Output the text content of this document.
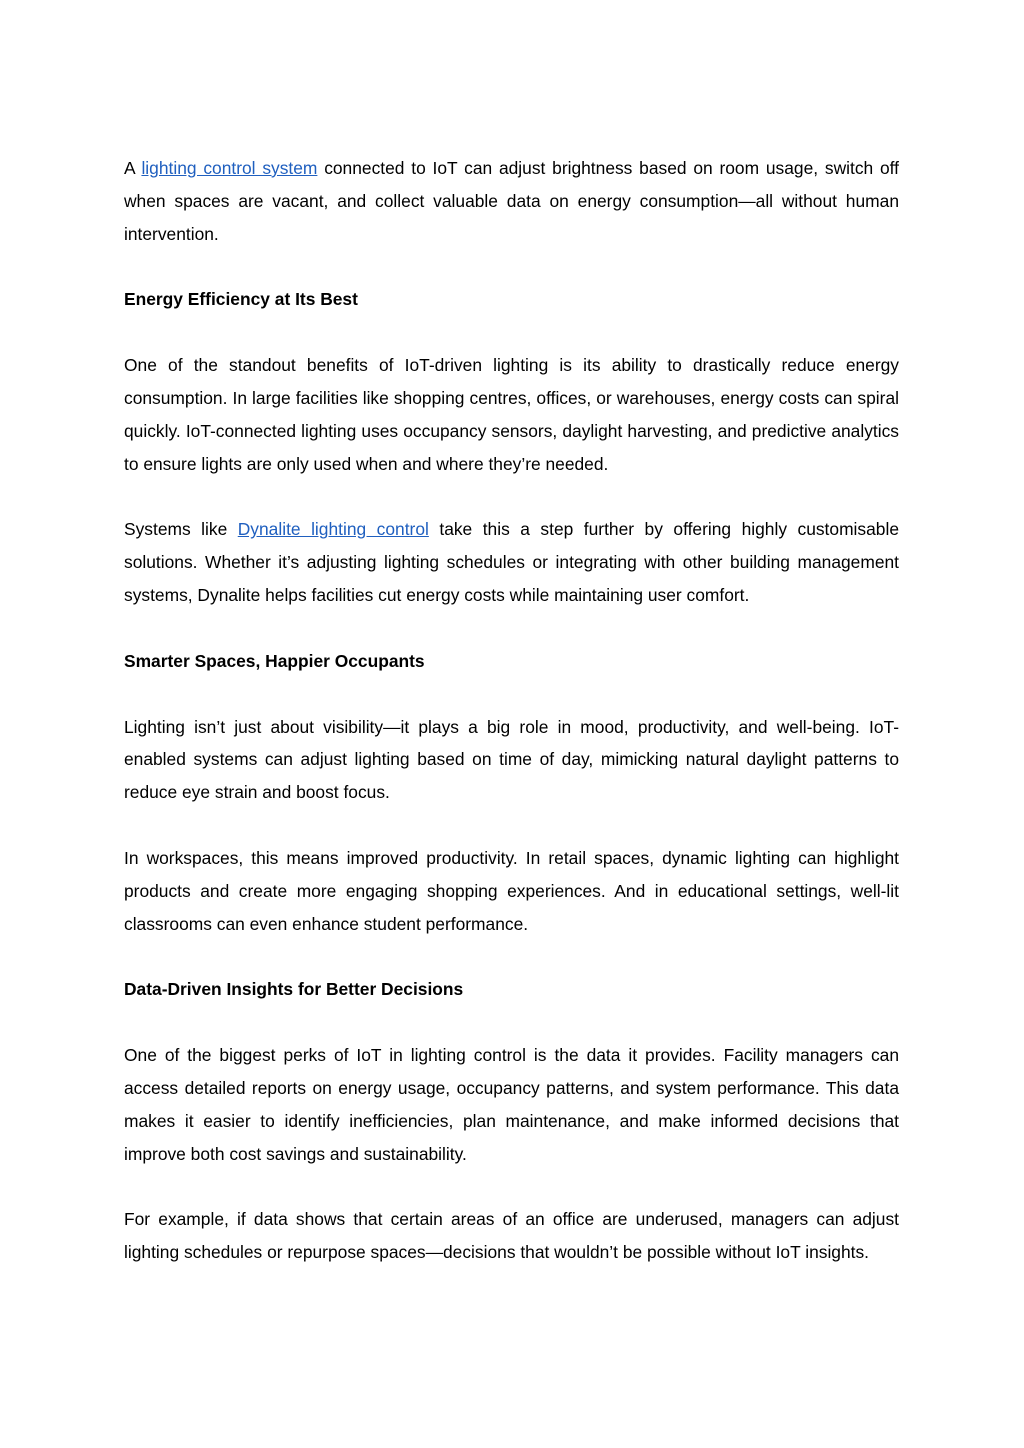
A lighting control system connected to IoT can adjust brightness based on room usage, switch off when spaces are vacant, and collect valuable data on energy consumption—all without human intervention.

Energy Efficiency at Its Best

One of the standout benefits of IoT-driven lighting is its ability to drastically reduce energy consumption. In large facilities like shopping centres, offices, or warehouses, energy costs can spiral quickly. IoT-connected lighting uses occupancy sensors, daylight harvesting, and predictive analytics to ensure lights are only used when and where they’re needed.

Systems like Dynalite lighting control take this a step further by offering highly customisable solutions. Whether it’s adjusting lighting schedules or integrating with other building management systems, Dynalite helps facilities cut energy costs while maintaining user comfort.

Smarter Spaces, Happier Occupants

Lighting isn’t just about visibility—it plays a big role in mood, productivity, and well-being. IoT-enabled systems can adjust lighting based on time of day, mimicking natural daylight patterns to reduce eye strain and boost focus.

In workspaces, this means improved productivity. In retail spaces, dynamic lighting can highlight products and create more engaging shopping experiences. And in educational settings, well-lit classrooms can even enhance student performance.

Data-Driven Insights for Better Decisions

One of the biggest perks of IoT in lighting control is the data it provides. Facility managers can access detailed reports on energy usage, occupancy patterns, and system performance. This data makes it easier to identify inefficiencies, plan maintenance, and make informed decisions that improve both cost savings and sustainability.

For example, if data shows that certain areas of an office are underused, managers can adjust lighting schedules or repurpose spaces—decisions that wouldn’t be possible without IoT insights.
